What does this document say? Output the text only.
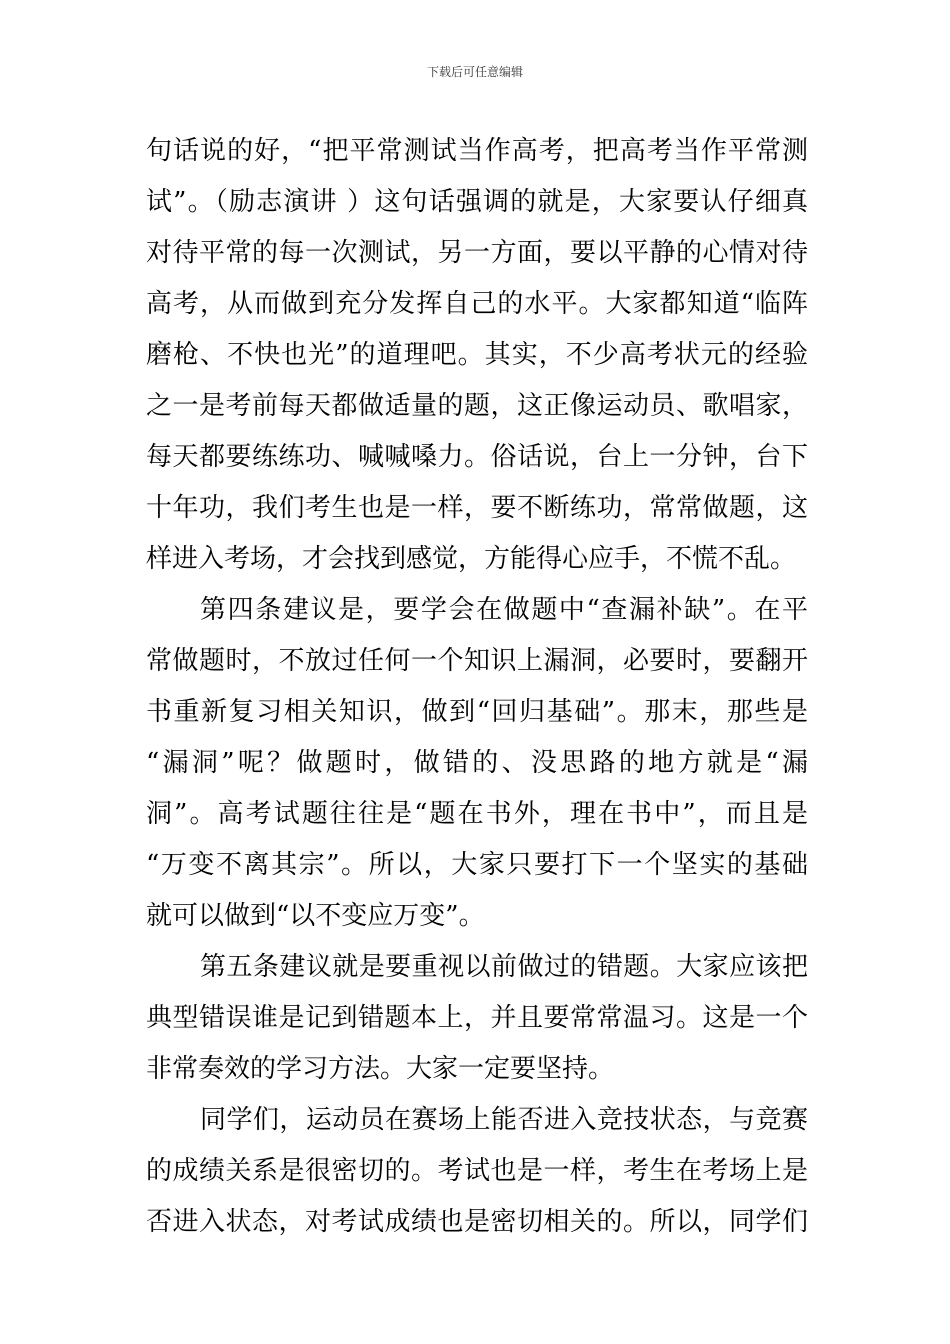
下载后可任意编辑
句话说的好，“把平常测试当作高考，把高考当作平常测
试”。（励志演讲 ）这句话强调的就是，大家要认仔细真
对待平常的每一次测试，另一方面，要以平静的心情对待
高考，从而做到充分发挥自己的水平。大家都知道“临阵
磨枪、不快也光”的道理吧。其实，不少高考状元的经验
之一是考前每天都做适量的题，这正像运动员、歌唱家，
每天都要练练功、喊喊嗓力。俗话说，台上一分钟，台下
十年功，我们考生也是一样，要不断练功，常常做题，这
样进入考场，才会找到感觉，方能得心应手，不慌不乱。
第四条建议是，要学会在做题中“查漏补缺”。在平
常做题时，不放过任何一个知识上漏洞，必要时，要翻开
书重新复习相关知识，做到“回归基础”。那末，那些是
“漏洞”呢？做题时，做错的、没思路的地方就是“漏
洞”。高考试题往往是“题在书外，理在书中”，而且是
“万变不离其宗”。所以，大家只要打下一个坚实的基础
就可以做到“以不变应万变”。
第五条建议就是要重视以前做过的错题。大家应该把
典型错误谁是记到错题本上，并且要常常温习。这是一个
非常奏效的学习方法。大家一定要坚持。
同学们，运动员在赛场上能否进入竞技状态，与竞赛
的成绩关系是很密切的。考试也是一样，考生在考场上是
否进入状态，对考试成绩也是密切相关的。所以，同学们
